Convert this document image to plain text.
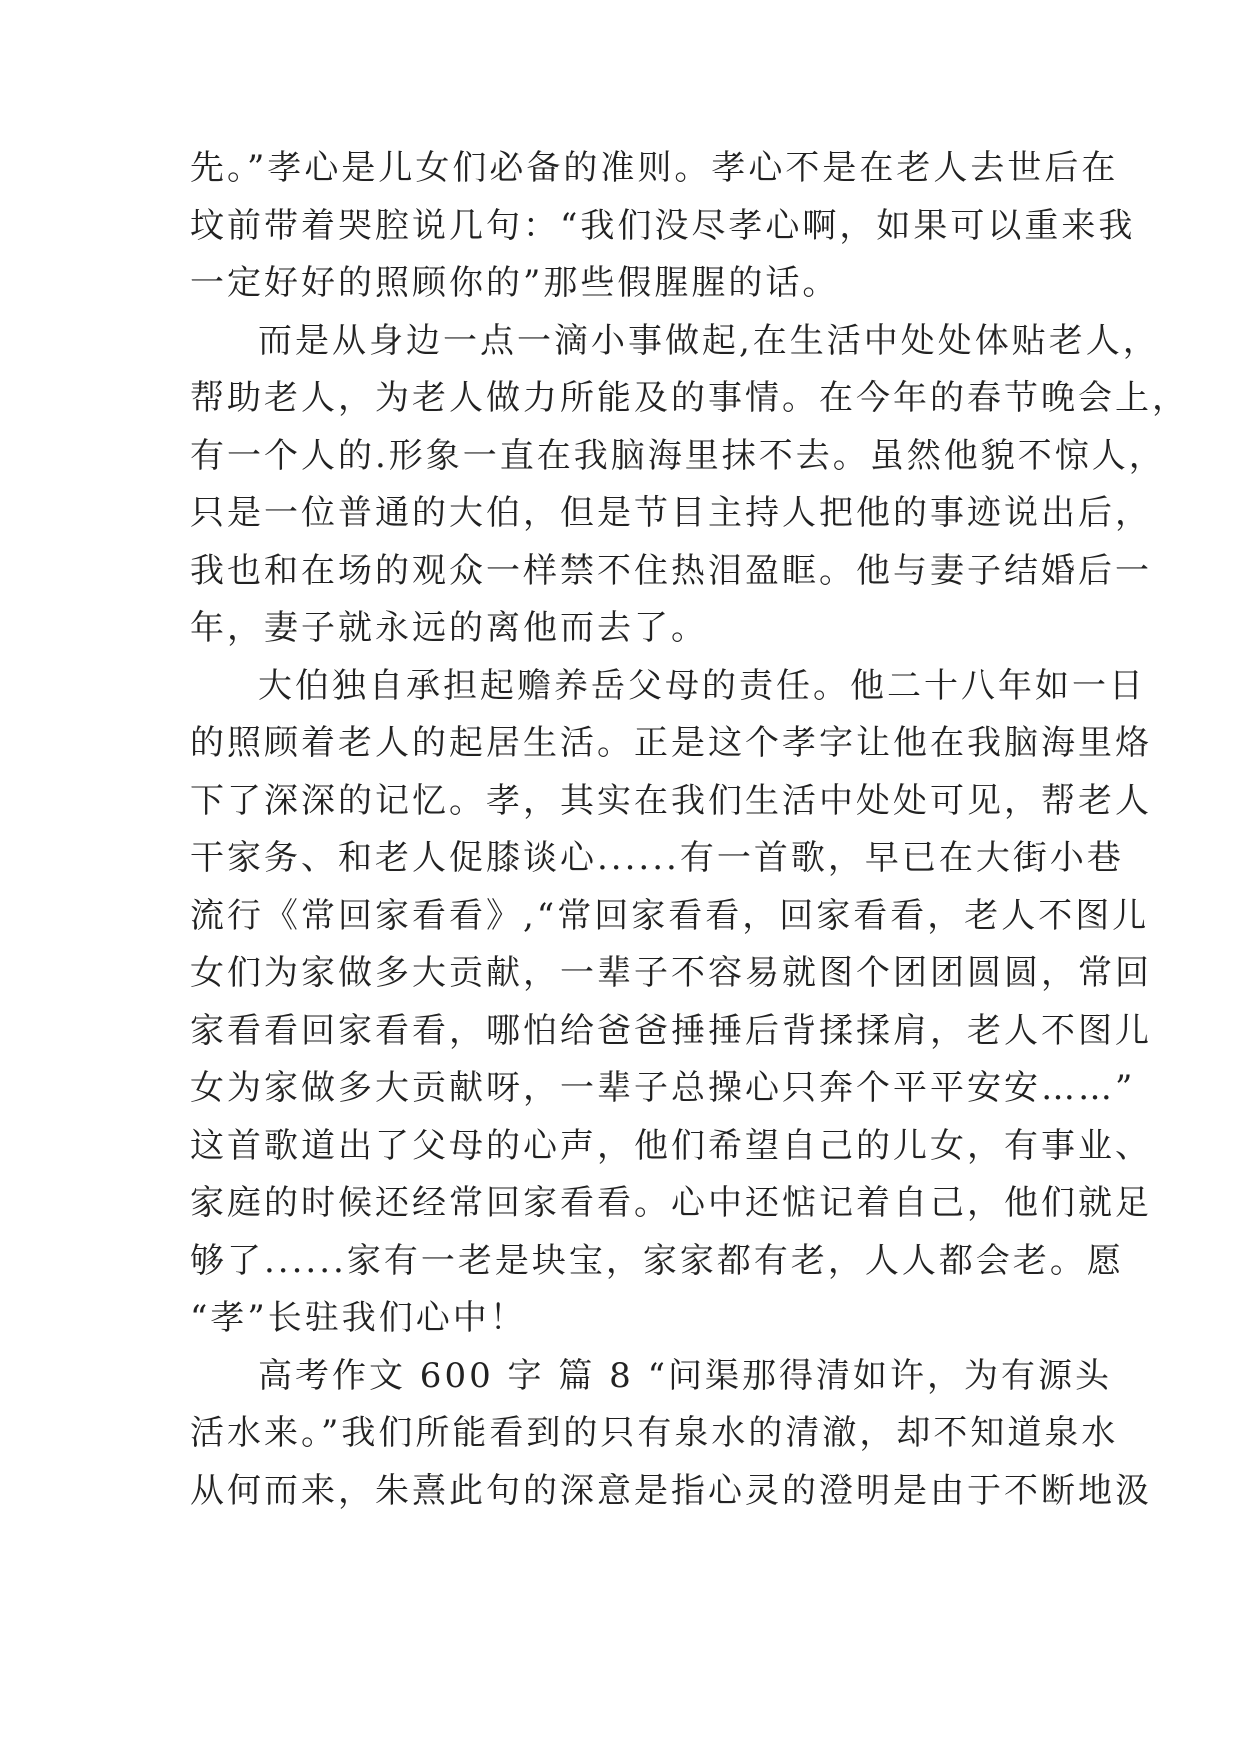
先。”孝心是儿女们必备的准则。孝心不是在老人去世后在
坟前带着哭腔说几句：“我们没尽孝心啊，如果可以重来我
一定好好的照顾你的”那些假腥腥的话。
而是从身边一点一滴小事做起,在生活中处处体贴老人，
帮助老人，为老人做力所能及的事情。在今年的春节晚会上，
有一个人的.形象一直在我脑海里抹不去。虽然他貌不惊人，
只是一位普通的大伯，但是节目主持人把他的事迹说出后，
我也和在场的观众一样禁不住热泪盈眶。他与妻子结婚后一
年，妻子就永远的离他而去了。
大伯独自承担起赡养岳父母的责任。他二十八年如一日
的照顾着老人的起居生活。正是这个孝字让他在我脑海里烙
下了深深的记忆。孝，其实在我们生活中处处可见，帮老人
干家务、和老人促膝谈心......有一首歌，早已在大街小巷
流行《常回家看看》,“常回家看看，回家看看，老人不图儿
女们为家做多大贡献，一辈子不容易就图个团团圆圆，常回
家看看回家看看，哪怕给爸爸捶捶后背揉揉肩，老人不图儿
女为家做多大贡献呀，一辈子总操心只奔个平平安安……”
这首歌道出了父母的心声，他们希望自己的儿女，有事业、
家庭的时候还经常回家看看。心中还惦记着自己，他们就足
够了......家有一老是块宝，家家都有老，人人都会老。愿
“孝”长驻我们心中！
高考作文 600 字 篇 8 “问渠那得清如许，为有源头
活水来。”我们所能看到的只有泉水的清澈，却不知道泉水
从何而来，朱熹此句的深意是指心灵的澄明是由于不断地汲
